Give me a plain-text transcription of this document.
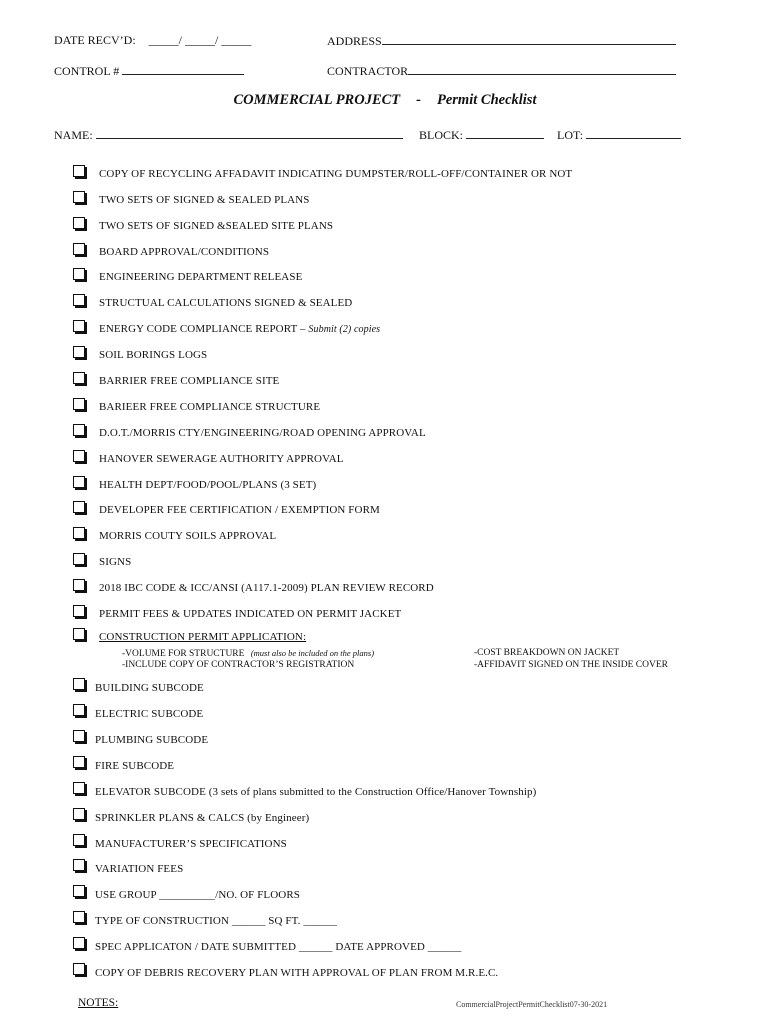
DATE RECV’D: _____/ _____/ _____	ADDRESS
CONTROL #	CONTRACTOR
COMMERCIAL PROJECT - Permit Checklist
NAME:	BLOCK:	LOT:
COPY OF RECYCLING AFFADAVIT INDICATING DUMPSTER/ROLL-OFF/CONTAINER OR NOT
TWO SETS OF SIGNED & SEALED PLANS
TWO SETS OF SIGNED &SEALED SITE PLANS
BOARD APPROVAL/CONDITIONS
ENGINEERING DEPARTMENT RELEASE
STRUCTUAL CALCULATIONS SIGNED & SEALED
ENERGY CODE COMPLIANCE REPORT – Submit (2) copies
SOIL BORINGS LOGS
BARRIER FREE COMPLIANCE SITE
BARIEER FREE COMPLIANCE STRUCTURE
D.O.T./MORRIS CTY/ENGINEERING/ROAD OPENING APPROVAL
HANOVER SEWERAGE AUTHORITY APPROVAL
HEALTH DEPT/FOOD/POOL/PLANS (3 SET)
DEVELOPER FEE CERTIFICATION / EXEMPTION FORM
MORRIS COUTY SOILS APPROVAL
SIGNS
2018 IBC CODE & ICC/ANSI (A117.1-2009) PLAN REVIEW RECORD
PERMIT FEES & UPDATES INDICATED ON PERMIT JACKET
CONSTRUCTION PERMIT APPLICATION:
-VOLUME FOR STRUCTURE (must also be included on the plans)
-INCLUDE COPY OF CONTRACTOR’S REGISTRATION
-COST BREAKDOWN ON JACKET
-AFFIDAVIT SIGNED ON THE INSIDE COVER
BUILDING SUBCODE
ELECTRIC SUBCODE
PLUMBING SUBCODE
FIRE SUBCODE
ELEVATOR SUBCODE (3 sets of plans submitted to the Construction Office/Hanover Township)
SPRINKLER PLANS & CALCS (by Engineer)
MANUFACTURER’S SPECIFICATIONS
VARIATION FEES
USE GROUP __________/NO. OF FLOORS
TYPE OF CONSTRUCTION ______ SQ FT. ______
SPEC APPLICATON / DATE SUBMITTED ______ DATE APPROVED ______
COPY OF DEBRIS RECOVERY PLAN WITH APPROVAL OF PLAN FROM M.R.E.C.
NOTES:	CommercialProjectPermitChecklist07-30-2021
